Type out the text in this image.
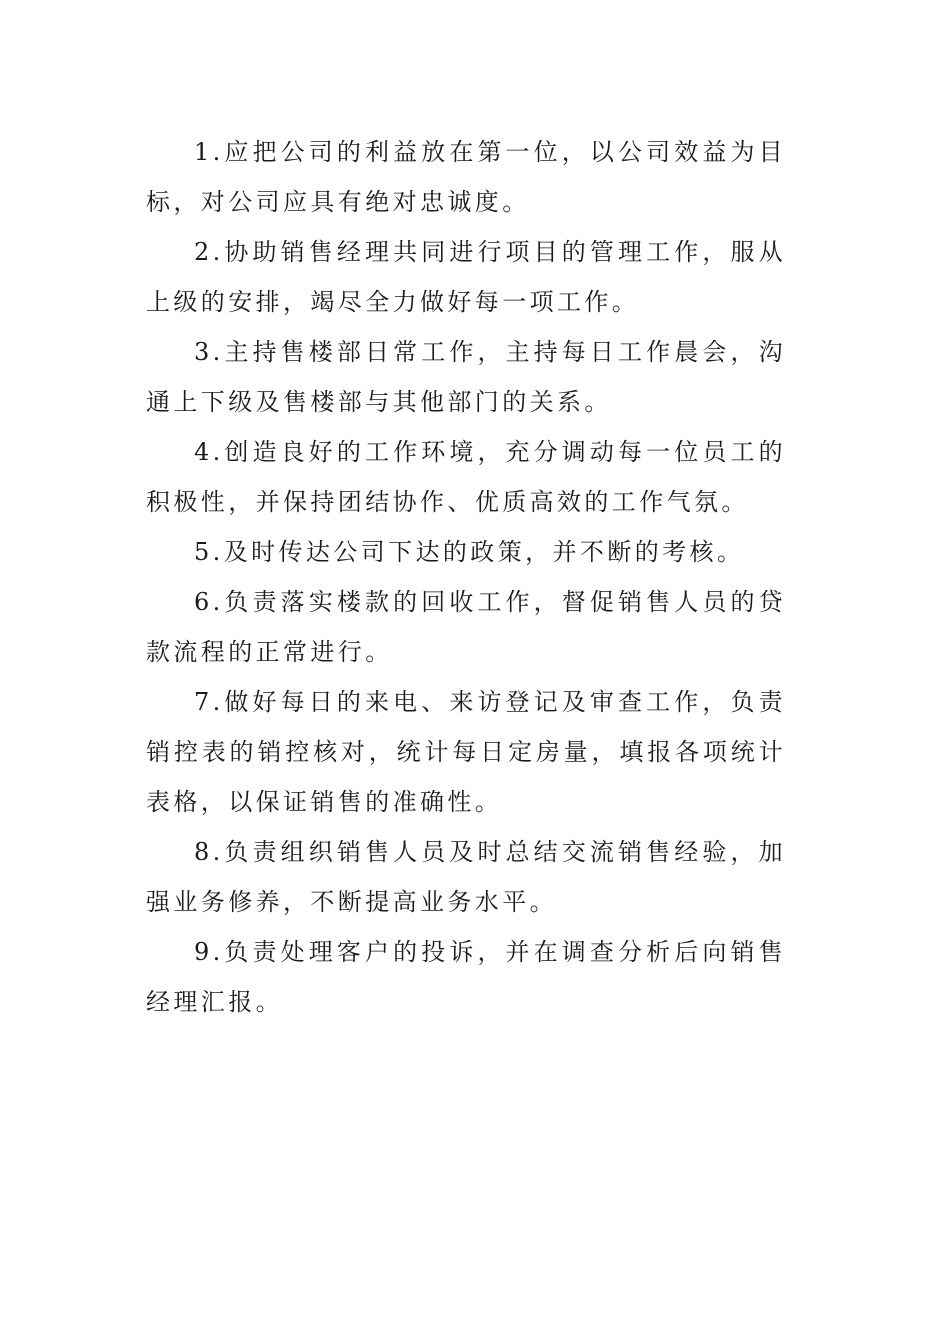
1.应把公司的利益放在第一位，以公司效益为目标，对公司应具有绝对忠诚度。

2.协助销售经理共同进行项目的管理工作，服从上级的安排，竭尽全力做好每一项工作。

3.主持售楼部日常工作，主持每日工作晨会，沟通上下级及售楼部与其他部门的关系。

4.创造良好的工作环境，充分调动每一位员工的积极性，并保持团结协作、优质高效的工作气氛。

5.及时传达公司下达的政策，并不断的考核。

6.负责落实楼款的回收工作，督促销售人员的贷款流程的正常进行。

7.做好每日的来电、来访登记及审查工作，负责销控表的销控核对，统计每日定房量，填报各项统计表格，以保证销售的准确性。

8.负责组织销售人员及时总结交流销售经验，加强业务修养，不断提高业务水平。

9.负责处理客户的投诉，并在调查分析后向销售经理汇报。
